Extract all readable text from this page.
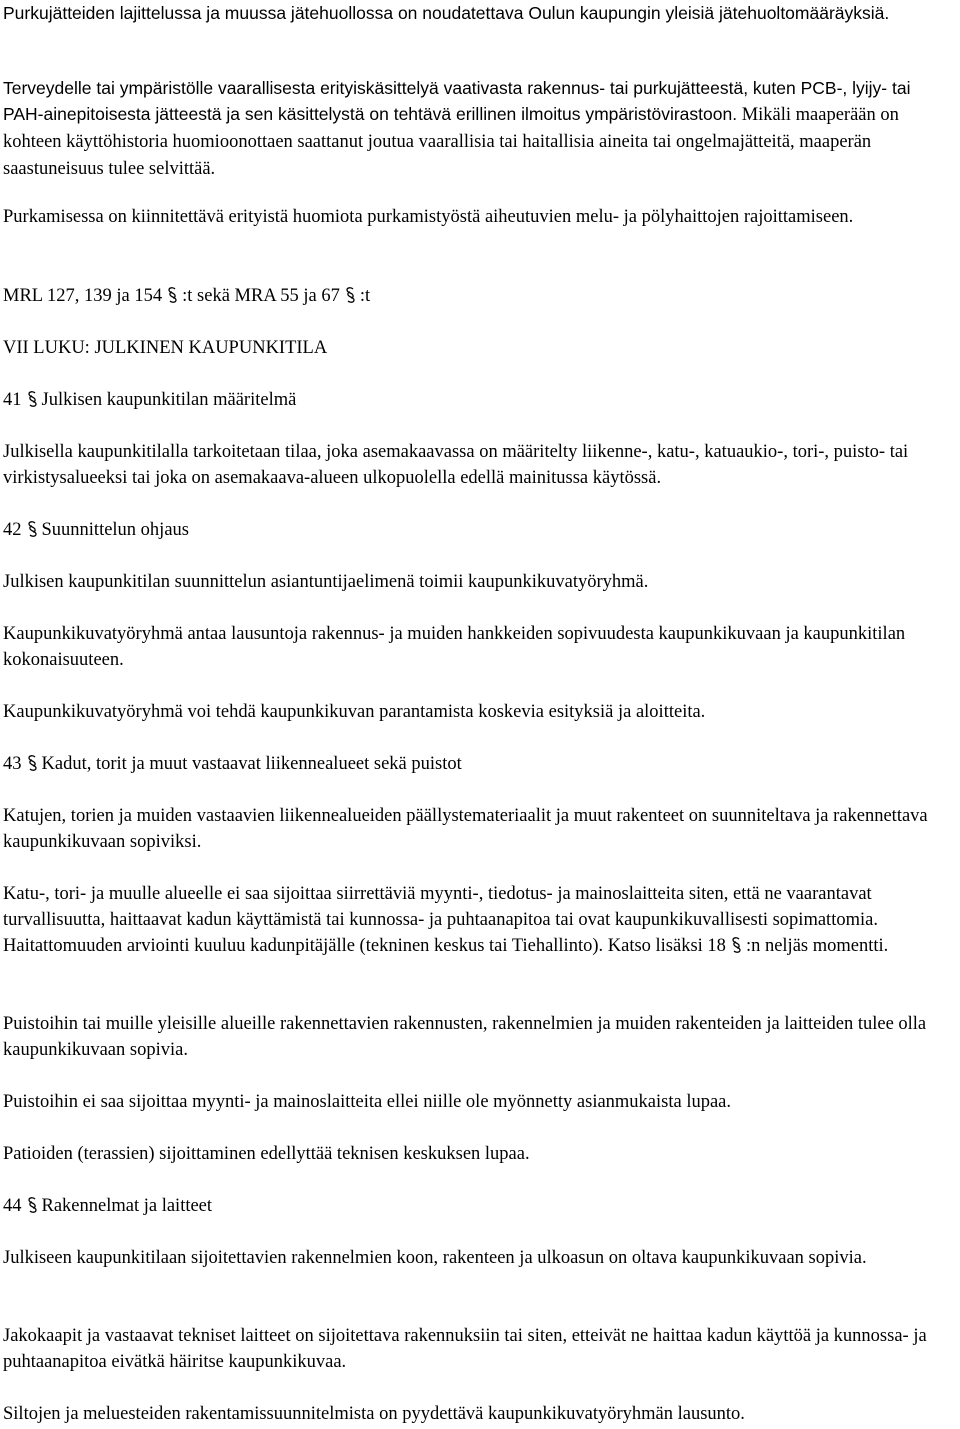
Purkujätteiden lajittelussa ja muussa jätehuollossa on noudatettava Oulun kaupungin yleisiä jätehuoltomääräyksiä.

Terveydelle tai ympäristölle vaarallisesta erityiskäsittelyä vaativasta rakennus- tai purkujätteestä, kuten PCB-, lyijy- tai PAH-ainepitoisesta jätteestä ja sen käsittelystä on tehtävä erillinen ilmoitus ympäristövirastoon. Mikäli maaperään on kohteen käyttöhistoria huomioonottaen saattanut joutua vaarallisia tai haitallisia aineita tai ongelmajätteitä, maaperän saastuneisuus tulee selvittää.

Purkamisessa on kiinnitettävä erityistä huomiota purkamistyöstä aiheutuvien melu- ja pölyhaittojen rajoittamiseen.

MRL 127, 139 ja 154 :t sekä MRA 55 ja 67 :t

VII LUKU: JULKINEN KAUPUNKITILA

41 Julkisen kaupunkitilan määritelmä

Julkisella kaupunkitilalla tarkoitetaan tilaa, joka asemakaavassa on määritelty liikenne-, katu-, katuaukio-, tori-, puisto- tai virkistysalueeksi tai joka on asemakaava-alueen ulkopuolella edellä mainitussa käytössä.

42 Suunnittelun ohjaus

Julkisen kaupunkitilan suunnittelun asiantuntijaelimenä toimii kaupunkikuvatyöryhmä.

Kaupunkikuvatyöryhmä antaa lausuntoja rakennus- ja muiden hankkeiden sopivuudesta kaupunkikuvaan ja kaupunkitilan kokonaisuuteen.

Kaupunkikuvatyöryhmä voi tehdä kaupunkikuvan parantamista koskevia esityksiä ja aloitteita.

43 Kadut, torit ja muut vastaavat liikennealueet sekä puistot

Katujen, torien ja muiden vastaavien liikennealueiden päällystemateriaalit ja muut rakenteet on suunniteltava ja rakennettava kaupunkikuvaan sopiviksi.

Katu-, tori- ja muulle alueelle ei saa sijoittaa siirrettäviä myynti-, tiedotus- ja mainoslaitteita siten, että ne vaarantavat turvallisuutta, haittaavat kadun käyttämistä tai kunnossa- ja puhtaanapitoa tai ovat kaupunkikuvallisesti sopimattomia. Haitattomuuden arviointi kuuluu kadunpitäjälle (tekninen keskus tai Tiehallinto). Katso lisäksi 18 :n neljäs momentti.

Puistoihin tai muille yleisille alueille rakennettavien rakennusten, rakennelmien ja muiden rakenteiden ja laitteiden tulee olla kaupunkikuvaan sopivia.

Puistoihin ei saa sijoittaa myynti- ja mainoslaitteita ellei niille ole myönnetty asianmukaista lupaa.

Patioiden (terassien) sijoittaminen edellyttää teknisen keskuksen lupaa.

44 Rakennelmat ja laitteet

Julkiseen kaupunkitilaan sijoitettavien rakennelmien koon, rakenteen ja ulkoasun on oltava kaupunkikuvaan sopivia.

Jakokaapit ja vastaavat tekniset laitteet on sijoitettava rakennuksiin tai siten, etteivät ne haittaa kadun käyttöä ja kunnossa- ja puhtaanapitoa eivätkä häiritse kaupunkikuvaa.

Siltojen ja meluesteiden rakentamissuunnitelmista on pyydettävä kaupunkikuvatyöryhmän lausunto.
